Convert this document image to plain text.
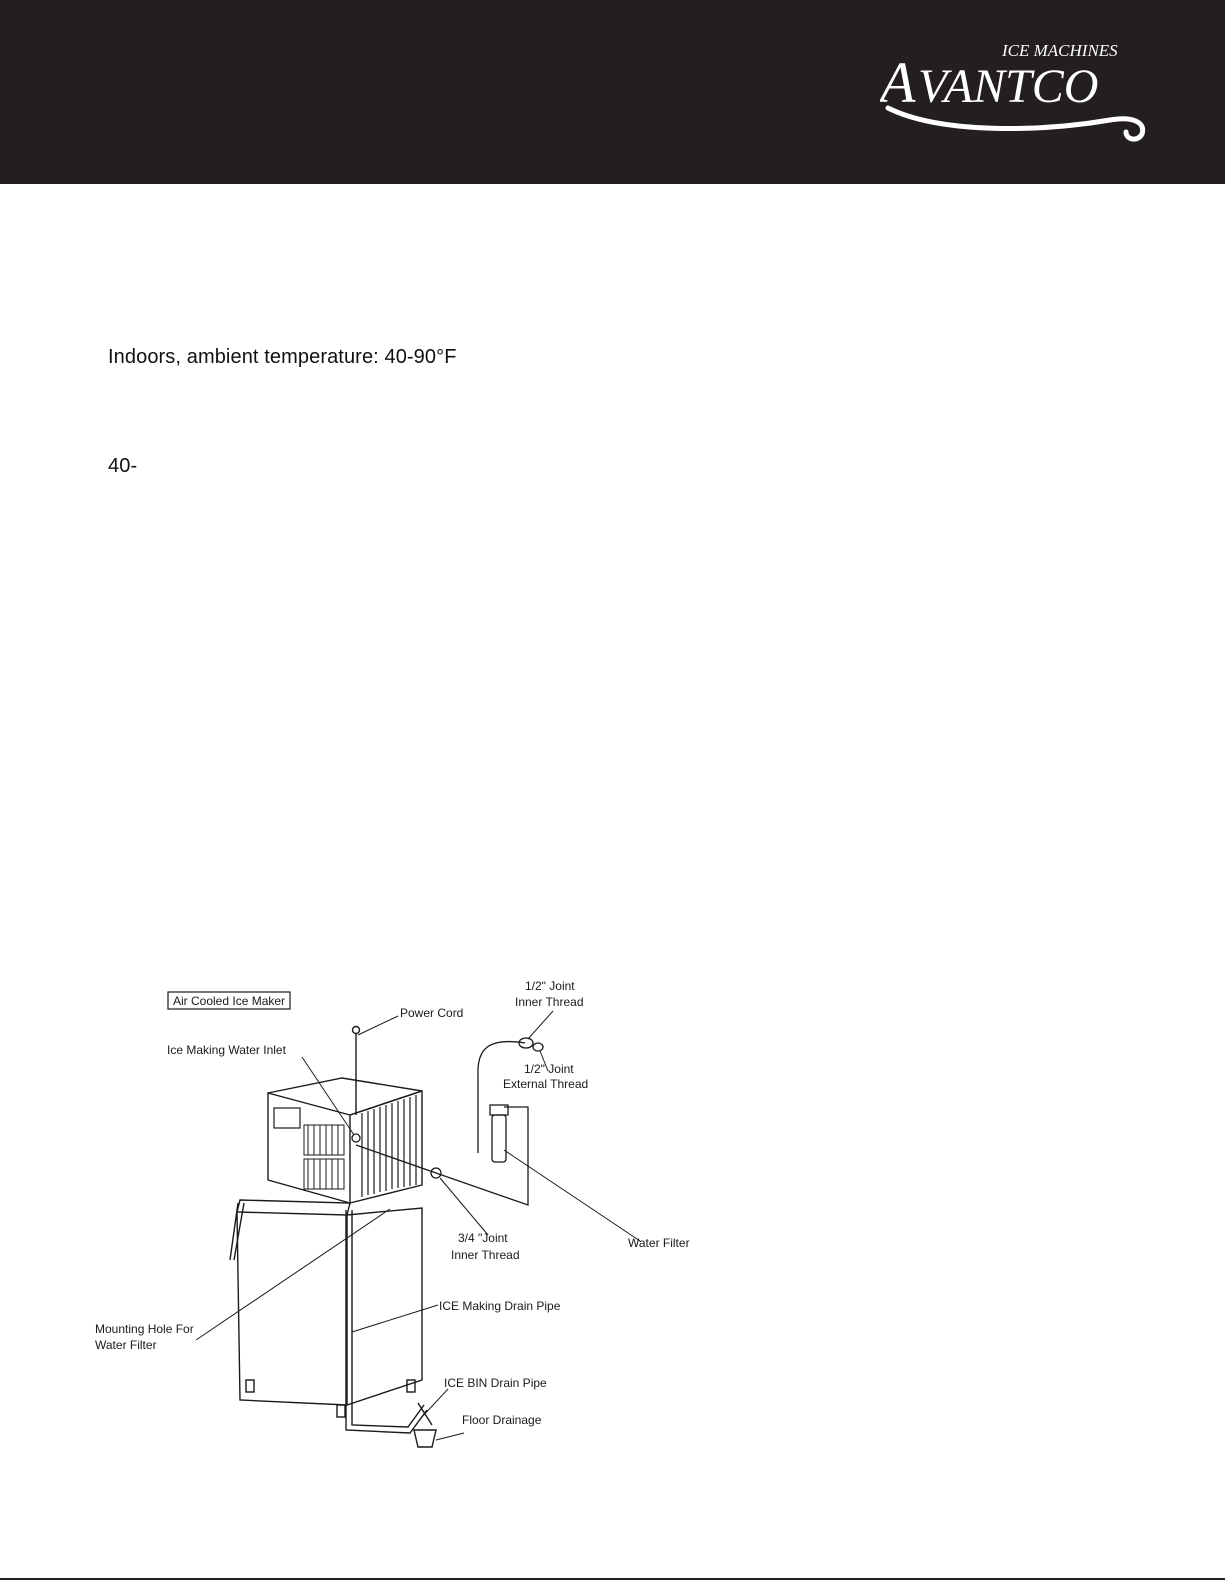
ICE MACHINES
A VANTCO
Indoors, ambient temperature: 40-90°F
40-
Air Cooled Ice Maker
Power Cord
Ice Making Water Inlet
1/2" Joint
Inner Thread
1/2" Joint
External Thread
Water Filter
3/4 "Joint
Inner Thread
ICE Making Drain Pipe
Mounting Hole For
Water Filter
ICE BIN Drain Pipe
Floor Drainage
